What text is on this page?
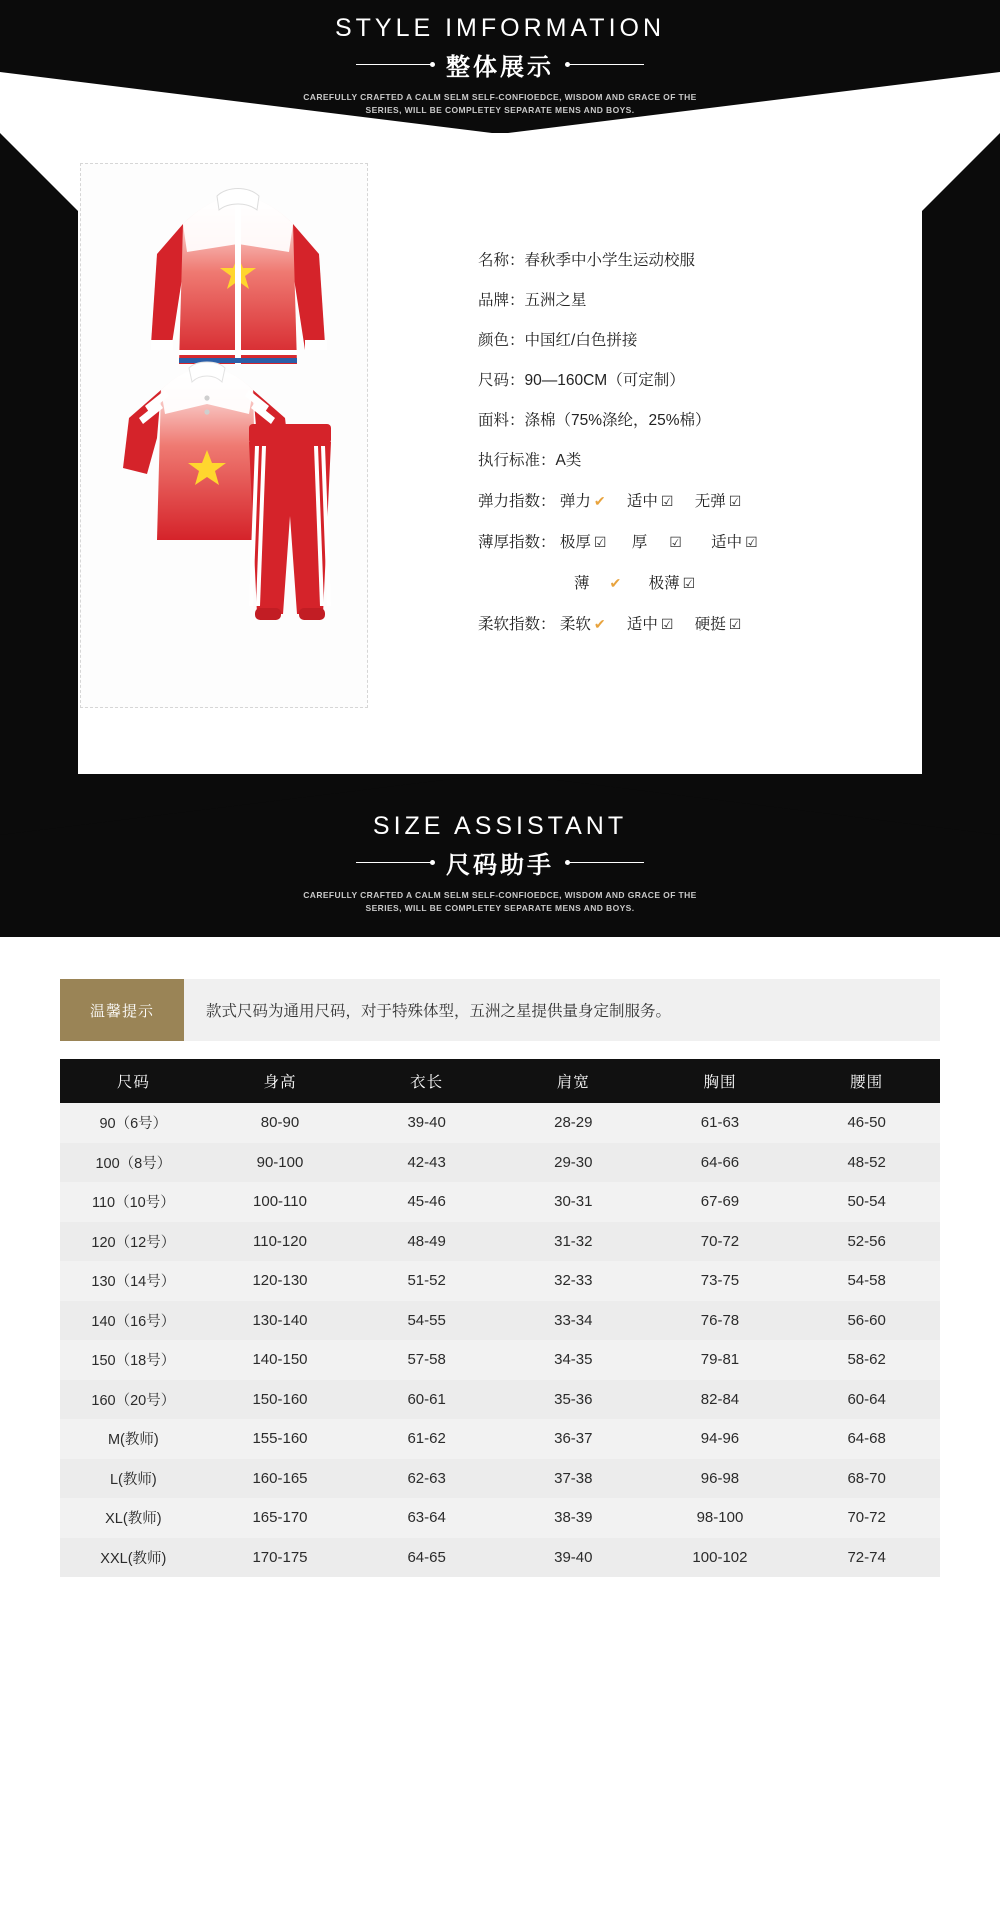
STYLE IMFORMATION
整体展示
CAREFULLY CRAFTED A CALM SELM SELF-CONFIOEDCE, WISDOM AND GRACE OF THE
SERIES, WILL BE COMPLETEY SEPARATE MENS AND BOYS.
名称：春秋季中小学生运动校服
品牌：五洲之星
颜色：中国红/白色拼接
尺码：90—160CM（可定制）
面料：涤棉（75%涤纶，25%棉）
执行标准：A类
弹力指数： 弹力 ✔ 适中 ☑ 无弹 ☑
薄厚指数： 极厚 ☑ 厚 ☑ 适中 ☑
薄 ✔ 极薄 ☑
柔软指数： 柔软 ✔ 适中 ☑ 硬挺 ☑
SIZE ASSISTANT
尺码助手
CAREFULLY CRAFTED A CALM SELM SELF-CONFIOEDCE, WISDOM AND GRACE OF THE
SERIES, WILL BE COMPLETEY SEPARATE MENS AND BOYS.
温馨提示	款式尺码为通用尺码，对于特殊体型，五洲之星提供量身定制服务。
尺码	身高	衣长	肩宽	胸围	腰围
90（6号）	80-90	39-40	28-29	61-63	46-50
100（8号）	90-100	42-43	29-30	64-66	48-52
110（10号）	100-110	45-46	30-31	67-69	50-54
120（12号）	110-120	48-49	31-32	70-72	52-56
130（14号）	120-130	51-52	32-33	73-75	54-58
140（16号）	130-140	54-55	33-34	76-78	56-60
150（18号）	140-150	57-58	34-35	79-81	58-62
160（20号）	150-160	60-61	35-36	82-84	60-64
M(教师)	155-160	61-62	36-37	94-96	64-68
L(教师)	160-165	62-63	37-38	96-98	68-70
XL(教师)	165-170	63-64	38-39	98-100	70-72
XXL(教师)	170-175	64-65	39-40	100-102	72-74
